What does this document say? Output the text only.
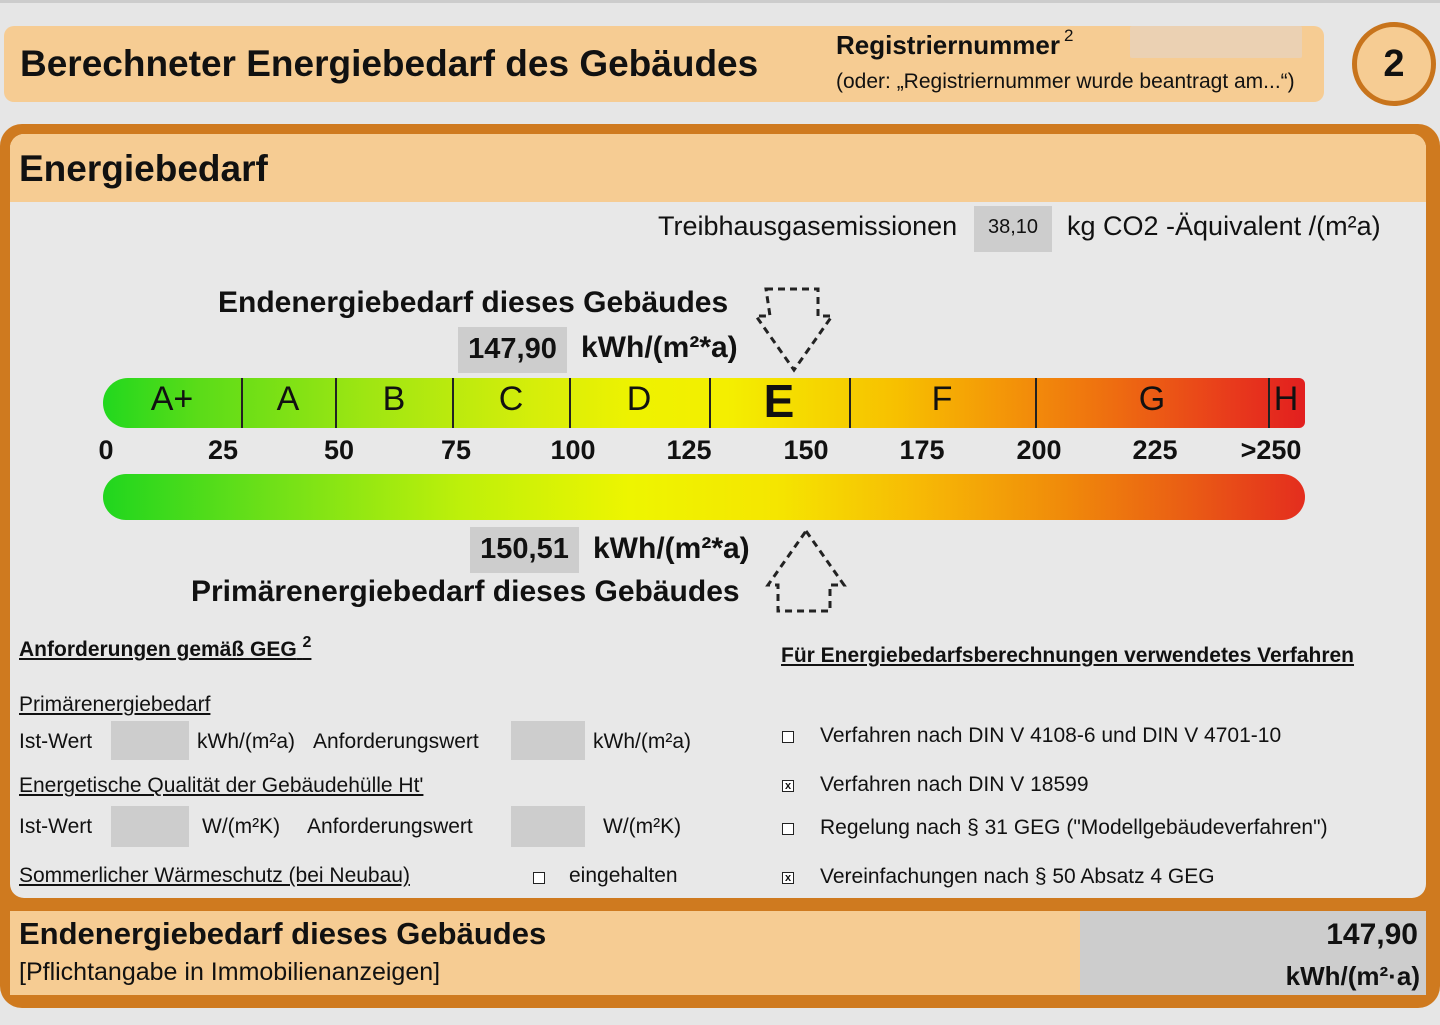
Berechneter Energiebedarf des Gebäudes	Registriernummer $^2$
(oder: „Registriernummer wurde beantragt am...“)	2
Energiebedarf
Treibhausgasemissionen	38,10	kg CO2 -Äquivalent /(m²a)
Endenergiebedarf dieses Gebäudes
147,90 kWh/(m²*a)
A+ A B	C	D E	F	G	H
0	25	50	75	100	125	150	175	200	225 >250
150,51 kWh/(m²*a)
Primärenergiebedarf dieses Gebäudes
Anforderungen gemäß GEG $^2$
Primärenergiebedarf
Ist-Wert	kWh/(m²a) Anforderungswert	kWh/(m²a)
Energetische Qualität der Gebäudehülle Ht'
Ist-Wert	W/(m²K) Anforderungswert	W/(m²K)
Sommerlicher Wärmeschutz (bei Neubau)	eingehalten
Für Energiebedarfsberechnungen verwendetes Verfahren
Verfahren nach DIN V 4108-6 und DIN V 4701-10
x Verfahren nach DIN V 18599
Regelung nach § 31 GEG ("Modellgebäudeverfahren")
x Vereinfachungen nach § 50 Absatz 4 GEG
Endenergiebedarf dieses Gebäudes
[Pflichtangabe in Immobilienanzeigen]
147,90
kWh/(m²·a)
